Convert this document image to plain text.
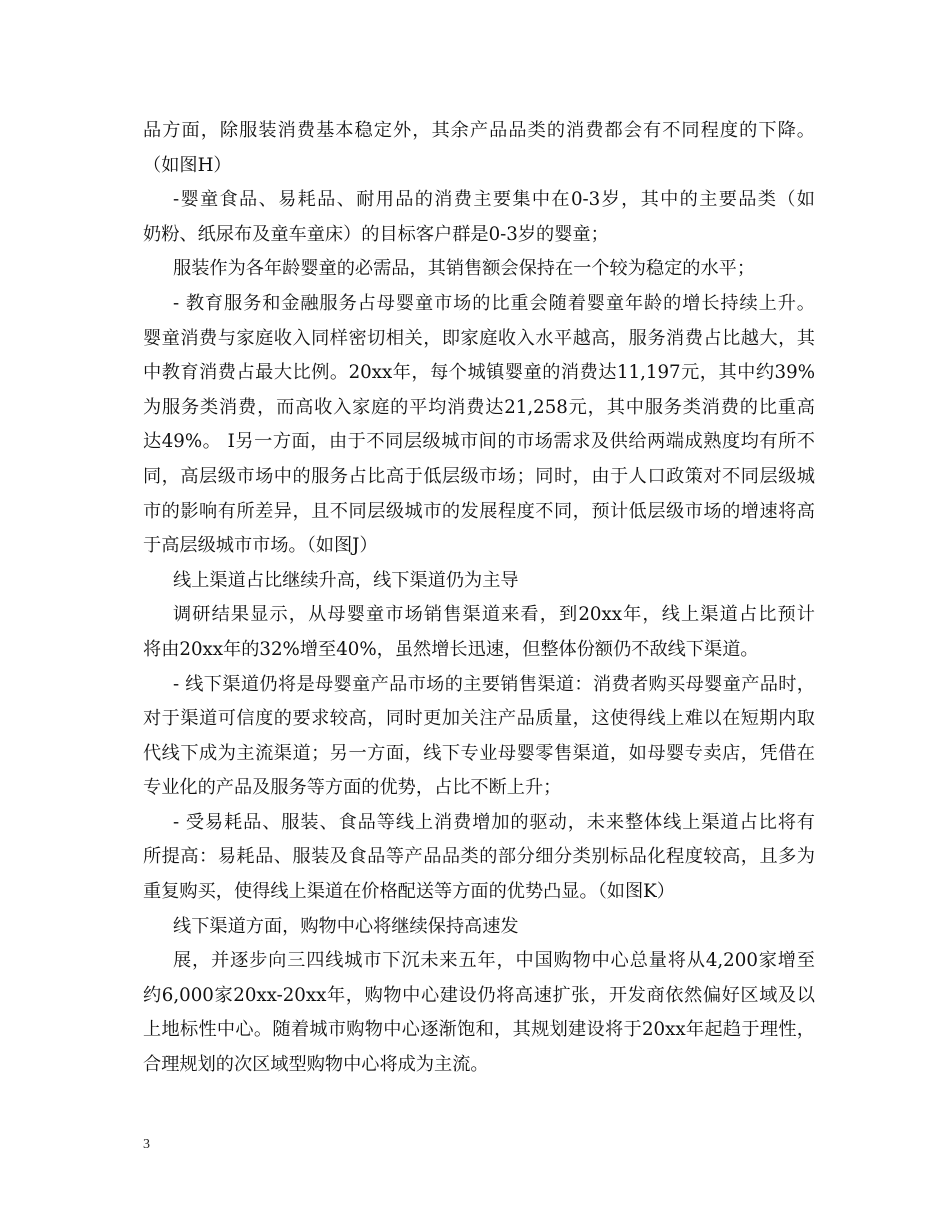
品方面，除服装消费基本稳定外，其余产品品类的消费都会有不同程度的下降。
（如图H）
-婴童食品、易耗品、耐用品的消费主要集中在0-3岁，其中的主要品类（如
奶粉、纸尿布及童车童床）的目标客户群是0-3岁的婴童；
服装作为各年龄婴童的必需品，其销售额会保持在一个较为稳定的水平；
- 教育服务和金融服务占母婴童市场的比重会随着婴童年龄的增长持续上升。
婴童消费与家庭收入同样密切相关，即家庭收入水平越高，服务消费占比越大，其
中教育消费占最大比例。20xx年，每个城镇婴童的消费达11,197元，其中约39%
为服务类消费，而高收入家庭的平均消费达21,258元，其中服务类消费的比重高
达49%。 I另一方面，由于不同层级城市间的市场需求及供给两端成熟度均有所不
同，高层级市场中的服务占比高于低层级市场；同时，由于人口政策对不同层级城
市的影响有所差异，且不同层级城市的发展程度不同，预计低层级市场的增速将高
于高层级城市市场。（如图J）
线上渠道占比继续升高，线下渠道仍为主导
调研结果显示，从母婴童市场销售渠道来看，到20xx年，线上渠道占比预计
将由20xx年的32%增至40%，虽然增长迅速，但整体份额仍不敌线下渠道。
- 线下渠道仍将是母婴童产品市场的主要销售渠道：消费者购买母婴童产品时，
对于渠道可信度的要求较高，同时更加关注产品质量，这使得线上难以在短期内取
代线下成为主流渠道；另一方面，线下专业母婴零售渠道，如母婴专卖店，凭借在
专业化的产品及服务等方面的优势，占比不断上升；
- 受易耗品、服装、食品等线上消费增加的驱动，未来整体线上渠道占比将有
所提高：易耗品、服装及食品等产品品类的部分细分类别标品化程度较高，且多为
重复购买，使得线上渠道在价格配送等方面的优势凸显。（如图K）
线下渠道方面，购物中心将继续保持高速发
展，并逐步向三四线城市下沉未来五年，中国购物中心总量将从4,200家增至
约6,000家20xx-20xx年，购物中心建设仍将高速扩张，开发商依然偏好区域及以
上地标性中心。随着城市购物中心逐渐饱和，其规划建设将于20xx年起趋于理性，
合理规划的次区域型购物中心将成为主流。
3
